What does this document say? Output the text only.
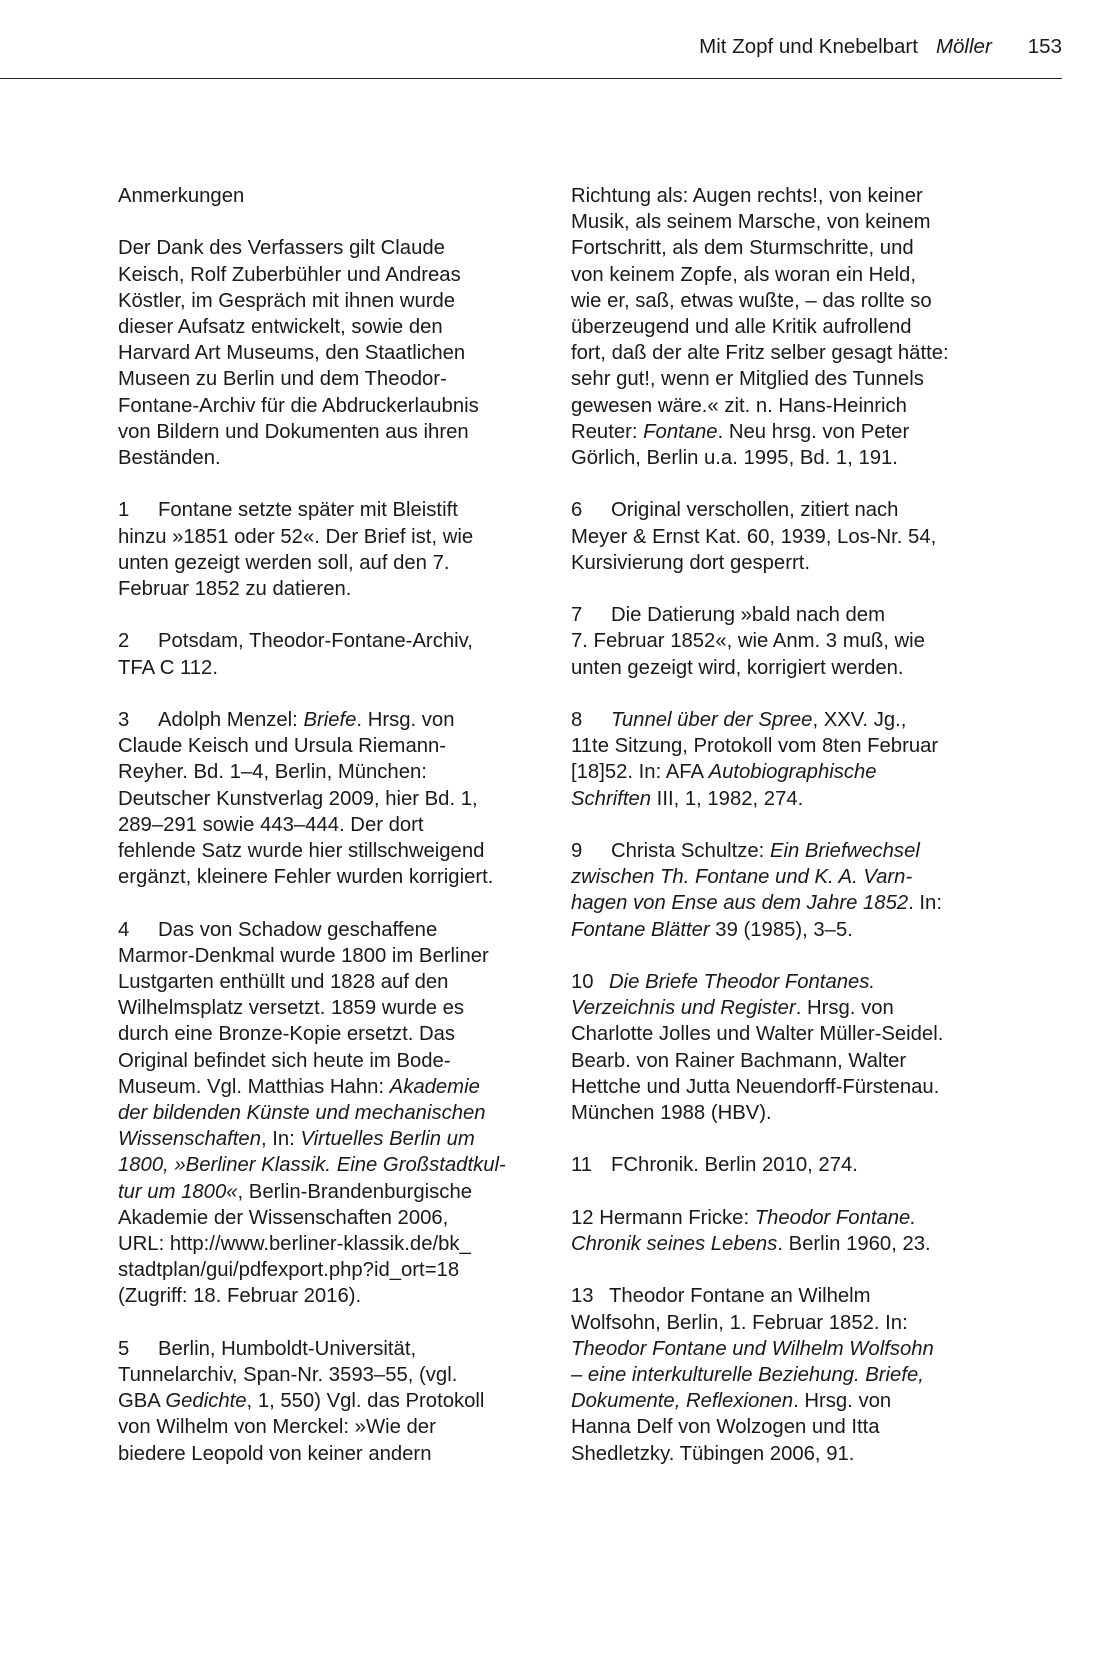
Mit Zopf und Knebelbart Möller 153
Anmerkungen
Der Dank des Verfassers gilt Claude
Keisch, Rolf Zuberbühler und Andreas
Köstler, im Gespräch mit ihnen wurde
dieser Aufsatz entwickelt, sowie den
Harvard Art Museums, den Staatlichen
Museen zu Berlin und dem Theodor-
Fontane-Archiv für die Abdruckerlaubnis
von Bildern und Dokumenten aus ihren
Beständen.
1 Fontane setzte später mit Bleistift
hinzu »1851 oder 52«. Der Brief ist, wie
unten gezeigt werden soll, auf den 7.
Februar 1852 zu datieren.
2 Potsdam, Theodor-Fontane-Archiv,
TFA C 112.
3 Adolph Menzel: Briefe. Hrsg. von
Claude Keisch und Ursula Riemann-
Reyher. Bd. 1–4, Berlin, München:
Deutscher Kunstverlag 2009, hier Bd. 1,
289–291 sowie 443–444. Der dort
fehlende Satz wurde hier stillschweigend
ergänzt, kleinere Fehler wurden korrigiert.
4 Das von Schadow geschaffene
Marmor-Denkmal wurde 1800 im Berliner
Lustgarten enthüllt und 1828 auf den
Wilhelmsplatz versetzt. 1859 wurde es
durch eine Bronze-Kopie ersetzt. Das
Original befindet sich heute im Bode-
Museum. Vgl. Matthias Hahn: Akademie
der bildenden Künste und mechanischen
Wissenschaften, In: Virtuelles Berlin um
1800, »Berliner Klassik. Eine Großstadtkul-
tur um 1800«, Berlin-Brandenburgische
Akademie der Wissenschaften 2006,
URL: http://www.berliner-klassik.de/bk_
stadtplan/gui/pdfexport.php?id_ort=18
(Zugriff: 18. Februar 2016).
5 Berlin, Humboldt-Universität,
Tunnelarchiv, Span-Nr. 3593–55, (vgl.
GBA Gedichte, 1, 550) Vgl. das Protokoll
von Wilhelm von Merckel: »Wie der
biedere Leopold von keiner andern
Richtung als: Augen rechts!, von keiner
Musik, als seinem Marsche, von keinem
Fortschritt, als dem Sturmschritte, und
von keinem Zopfe, als woran ein Held,
wie er, saß, etwas wußte, – das rollte so
überzeugend und alle Kritik aufrollend
fort, daß der alte Fritz selber gesagt hätte:
sehr gut!, wenn er Mitglied des Tunnels
gewesen wäre.« zit. n. Hans-Heinrich
Reuter: Fontane. Neu hrsg. von Peter
Görlich, Berlin u.a. 1995, Bd. 1, 191.
6 Original verschollen, zitiert nach
Meyer & Ernst Kat. 60, 1939, Los-Nr. 54,
Kursivierung dort gesperrt.
7 Die Datierung »bald nach dem
7. Februar 1852«, wie Anm. 3 muß, wie
unten gezeigt wird, korrigiert werden.
8 Tunnel über der Spree, XXV. Jg.,
11te Sitzung, Protokoll vom 8ten Februar
[18]52. In: AFA Autobiographische
Schriften III, 1, 1982, 274.
9 Christa Schultze: Ein Briefwechsel
zwischen Th. Fontane und K. A. Varn-
hagen von Ense aus dem Jahre 1852. In:
Fontane Blätter 39 (1985), 3–5.
10 Die Briefe Theodor Fontanes.
Verzeichnis und Register. Hrsg. von
Charlotte Jolles und Walter Müller-Seidel.
Bearb. von Rainer Bachmann, Walter
Hettche und Jutta Neuendorff-Fürstenau.
München 1988 (HBV).
11 FChronik. Berlin 2010, 274.
12 Hermann Fricke: Theodor Fontane.
Chronik seines Lebens. Berlin 1960, 23.
13 Theodor Fontane an Wilhelm
Wolfsohn, Berlin, 1. Februar 1852. In:
Theodor Fontane und Wilhelm Wolfsohn
– eine interkulturelle Beziehung. Briefe,
Dokumente, Reflexionen. Hrsg. von
Hanna Delf von Wolzogen und Itta
Shedletzky. Tübingen 2006, 91.
